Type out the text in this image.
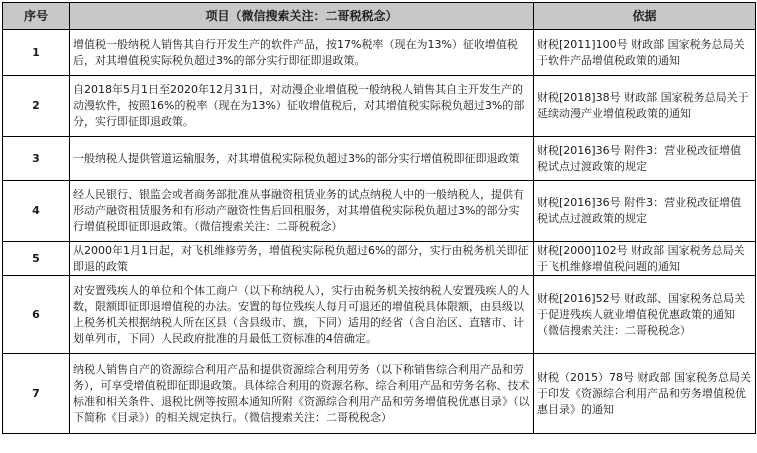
序号	项目（微信搜索关注：二哥税税念）	依据
1	增值税一般纳税人销售其自行开发生产的软件产品，按17%税率（现在为13%）征收增值税后，对其增值税实际税负超过3%的部分实行即征即退政策。	财税[2011]100号 财政部 国家税务总局关于软件产品增值税政策的通知
2	自2018年5月1日至2020年12月31日，对动漫企业增值税一般纳税人销售其自主开发生产的动漫软件，按照16%的税率（现在为13%）征收增值税后，对其增值税实际税负超过3%的部分，实行即征即退政策。	财税[2018]38号 财政部 国家税务总局关于延续动漫产业增值税政策的通知
3	一般纳税人提供管道运输服务，对其增值税实际税负超过3%的部分实行增值税即征即退政策	财税[2016]36号 附件3：营业税改征增值税试点过渡政策的规定
4	经人民银行、银监会或者商务部批准从事融资租赁业务的试点纳税人中的一般纳税人，提供有形动产融资租赁服务和有形动产融资性售后回租服务，对其增值税实际税负超过3%的部分实行增值税即征即退政策。（微信搜索关注：二哥税税念）	财税[2016]36号 附件3：营业税改征增值税试点过渡政策的规定
5	从2000年1月1日起，对飞机维修劳务，增值税实际税负超过6%的部分，实行由税务机关即征即退的政策	财税[2000]102号 财政部 国家税务总局关于飞机维修增值税问题的通知
6	对安置残疾人的单位和个体工商户（以下称纳税人），实行由税务机关按纳税人安置残疾人的人数，限额即征即退增值税的办法。安置的每位残疾人每月可退还的增值税具体限额，由县级以上税务机关根据纳税人所在区县（含县级市、旗，下同）适用的经省（含自治区、直辖市、计划单列市，下同）人民政府批准的月最低工资标准的4倍确定。	财税[2016]52号 财政部、国家税务总局关于促进残疾人就业增值税优惠政策的通知 （微信搜索关注：二哥税税念）
7	纳税人销售自产的资源综合利用产品和提供资源综合利用劳务（以下称销售综合利用产品和劳务），可享受增值税即征即退政策。具体综合利用的资源名称、综合利用产品和劳务名称、技术标准和相关条件、退税比例等按照本通知所附《资源综合利用产品和劳务增值税优惠目录》（以下简称《目录》）的相关规定执行。（微信搜索关注：二哥税税念）	财税（2015）78号 财政部 国家税务总局关于印发《资源综合利用产品和劳务增值税优惠目录》的通知
